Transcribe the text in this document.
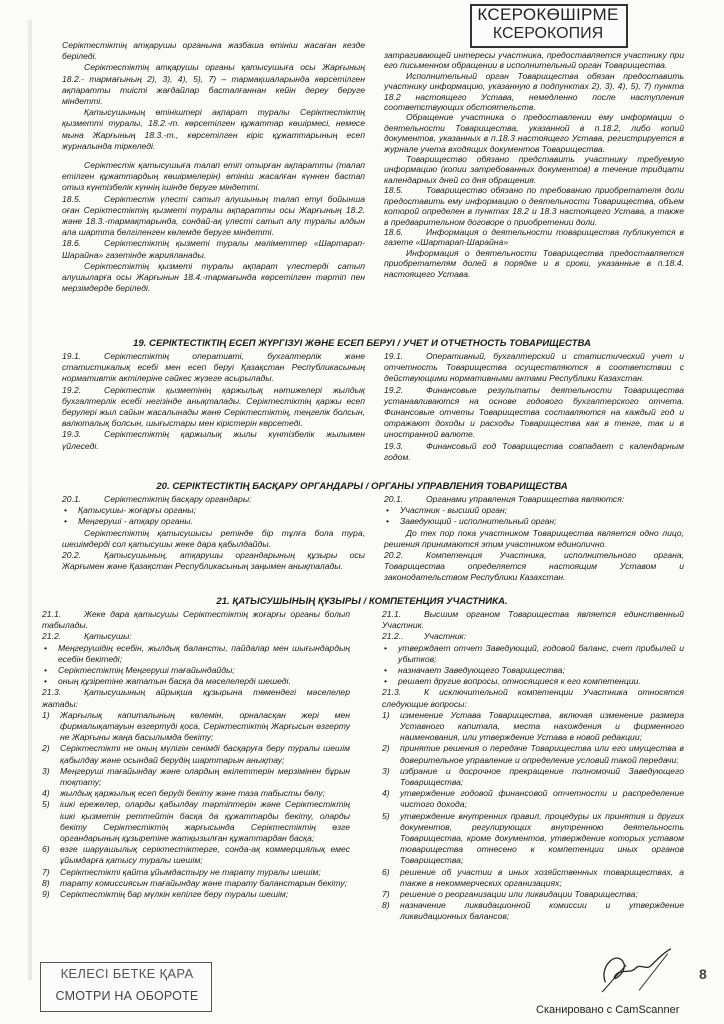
Серіктестіктің атқарушы органына жазбаша өтініш жасаған кезде беріледі.

Серіктестіктің атқарушы органы қатысушыға осы Жарғының 18.2.- тармағының 2), 3), 4), 5), 7) – тармақшаларында көрсетілген ақпаратты тиісті жағдайлар басталғаннан кейін дереу беруге міндетті.

Қатысушының өтініштері ақпарат туралы Серіктестіктің қызметті туралы, 18.2.-т. көрсетілген құжаттар көшірмесі, немесе мына Жарғының 18.3.-т., көрсетілген кіріс құжаттарының есеп журналында тіркеледі.

Серіктестік қатысушыға талап етіп отырған ақпаратты (талап етілген құжаттардың көшірмелерін) өтініш жасалған күннен бастап отыз күнтізбелік күннің ішінде беруге міндетті.

18.5.	Серіктестік үлесті сатып алушының талап етуі бойынша оған Серіктестіктің қызметі туралы ақпаратты осы Жарғының 18.2. және 18.3.-тармақтарында, сондай-ақ үлесті сатып алу туралы алдын ала шартта белгіленген көлемде беруге міндетті.

18.6.	Серіктестіктің қызметі туралы мәліметтер «Шартарап-Шарайна» газетінде жарияланады.

Серіктестіктің қызметі туралы ақпарат үлестерді сатып алушыларға осы Жарғынын 18.4.-тармағында көрсетілген тәртіп пен мерзімдерде беріледі.

затрагивающей интересы участника, предоставляется участнику при его письменном обращении в исполнительный орган Товарищества.

Исполнительный орган Товарищества обязан предоставить участнику информацию, указанную в подпунктах 2), 3), 4), 5), 7) пункта 18.2 настоящего Устава, немедленно после наступления соответствующих обстоятельств.

Обращение участника о предоставлении ему информации о деятельности Товарищества, указанной в п.18.2, либо копий документов, указанных в п.18.3 настоящего Устава, регистрируется в журнале учета входящих документов Товарищества.

Товарищество обязано представить участнику требуемую информацию (копии затребованных документов) в течение тридцати календарных дней со дня обращения.

18.5.	Товарищество обязано по требованию приобретателя доли предоставить ему информацию о деятельности Товарищества, объем которой определен в пунктах 18.2 и 18.3 настоящего Устава, а также в предварительном договоре о приобретении доли.

18.6.	Информация о деятельности товарищества публикуется в газете «Шартарап-Шарайна»

Информация о деятельности Товарищества предоставляется приобретателям долей в порядке и в сроки, указанные в п.18.4. настоящего Устава.

19. СЕРІКТЕСТІКТІҢ ЕСЕП ЖҮРГІЗУІ ЖӘНЕ ЕСЕП БЕРУІ / УЧЕТ И ОТЧЕТНОСТЬ ТОВАРИЩЕСТВА

19.1.	Серіктестіктің оперативті, бухгалтерлік және статистикалық есебі мен есеп беруі Қазақстан Республикасының нормативтік актілеріне сәйкес жүзеге асырылады.

19.2.	Серіктестік қызметінің қаржылық нәтижелері жылдық бухгалтерлік есебі негізінде анықталады. Серіктестіктің қаржы есеп берулері жыл сайын жасалынады және Серіктестіктің, теңгелік болсын, валюталық болсын, шығыстары мен кірістерін көрсетеді.

19.3.	Серіктестіктің қаржылық жылы күнтізбелік жылымен үйлеседі.

19.1.	Оперативный, бухгалтерский и статистический учет и отчетность Товарищества осуществляются в соответствии с действующими нормативными актами Республики Казахстан.

19.2.	Финансовые результаты деятельности Товарищества устанавливаются на основе годового бухгалтерского отчета. Финансовые отчеты Товарищества составляются на каждый год и отражают доходы и расходы Товарищества как в тенге, так и в иностранной валюте.

19.3.	Финансовый год Товарищества совпадает с календарным годом.

20. СЕРІКТЕСТІКТІҢ БАСҚАРУ ОРГАНДАРЫ / ОРГАНЫ УПРАВЛЕНИЯ ТОВАРИЩЕСТВА

20.1.	Серіктестіктің басқару органдары:

• Қатысушы- жоғарғы органы;
• Меңгеруші - атқару органы.

Серіктестіктің қатысушысы ретінде бір тұлға бола тура, шешімдерді сол қатысушы жеке дара қабылдайды.

20.2.	Қатысушының, атқарушы органдарының құзыры осы Жарғымен және Қазақстан Республикасының заңымен анықталады.

20.1.	Органами управления Товарищества являются:

• Участник - высший орган;
• Заведующий - исполнительный орган;

До тех пор пока участником Товарищества является одно лицо, решения принимаются этим участником единолично.

20.2.	Компетенция Участника, исполнительного органа, Товарищества определяется настоящим Уставом и законодательством Республики Казахстан.

21. ҚАТЫСУШЫНЫҢ ҚҰЗЫРЫ / КОМПЕТЕНЦИЯ УЧАСТНИКА.

21.1.	Жеке дара қатысушы Серіктестіктің жоғарғы органы болып табылады.

21.2.	Қатысушы:

• Меңгерушідің есебін, жылдық балансты, пайдалар мен шығындардың есебін бекітеді;
• Серіктестіктің Меңгеруші тағайындайды;
• оның құзіретіне жататын басқа да мәселелерді шешеді.

21.3.	Қатысушының айрықша құзырына төмендегі мәселелер жатады:

1) Жарғылық капиталының көлемін, орналасқан жері мен фирмалықатауын өзгертуді қоса, Серіктестіктің Жарғысын өзгерту не Жарғыны жаңа басылымда бекіту;
2) Серіктестікті не оның мүлігін сенімді басқаруға беру туралы шешім қабылдау және осындай берудің шарттарын анықтау;
3) Меңгеруші тағайындау және олардың өкілеттерін мерзімінен бұрын тоқтату;
4) жылдық қаржылық есеп беруді бекіту және таза табысты бөлу;
5) ішкі ережелер, оларды қабылдау тәртіптерін және Серіктестіктің ішкі қызметін реттейтін басқа да құжаттарды бекіту, оларды бекіту Серіктестіктің жарғысында Серіктестіктің өзге органдарының құзыретіне жатқызылған құжаттардан басқа;
6) өзге шаруашылық серіктестіктерге, сонда-ақ коммерциялық емес ұйымдарға қатысу туралы шешім;
7) Серіктестікті қайта ұйымдастыру не тарату туралы шешім;
8) тарату комиссиясын тағайындау және тарату баланстарын бекіту;
9) Серіктестіктің бар мүлкін кепілге беру туралы шешім;

21.1.	Высшим органом Товарищества является единственный Участник.

21.2.. Участник:

• утверждает отчет Заведующий, годовой баланс, счет прибылей и убытков;
• назначает Заведующего Товарищества;
• решает другие вопросы, относящиеся к его компетенции.

21.3.	К исключительной компетенции Участника относятся следующие вопросы:

1) изменение Устава Товарищества, включая изменение размера Уставного капитала, места нахождения и фирменного наименования, или утверждение Устава в новой редакции;
2) принятие решения о передаче Товарищества или его имущества в доверительное управление и определение условий такой передачи;
3) избрание и досрочное прекращение полномочий Заведующего Товарищества;
4) утверждение годовой финансовой отчетности и распределение чистого дохода;
5) утверждение внутренних правил, процедуры их принятия и других документов, регулирующих внутреннюю деятельность Товарищества, кроме документов, утверждение которых уставом товарищества отнесено к компетенции иных органов Товарищества;
6) решение об участии в иных хозяйственных товариществах, а также в некоммерческих организациях;
7) решение о реорганизации или ликвидации Товарищества;
8) назначение ликвидационной комиссии и утверждение ликвидационных балансов;
КСЕРОКӨШІРМЕ
КСЕРОКОПИЯ
КЕЛЕСІ БЕТКЕ ҚАРА
СМОТРИ НА ОБОРОТЕ
8
Сканировано с CamScanner
